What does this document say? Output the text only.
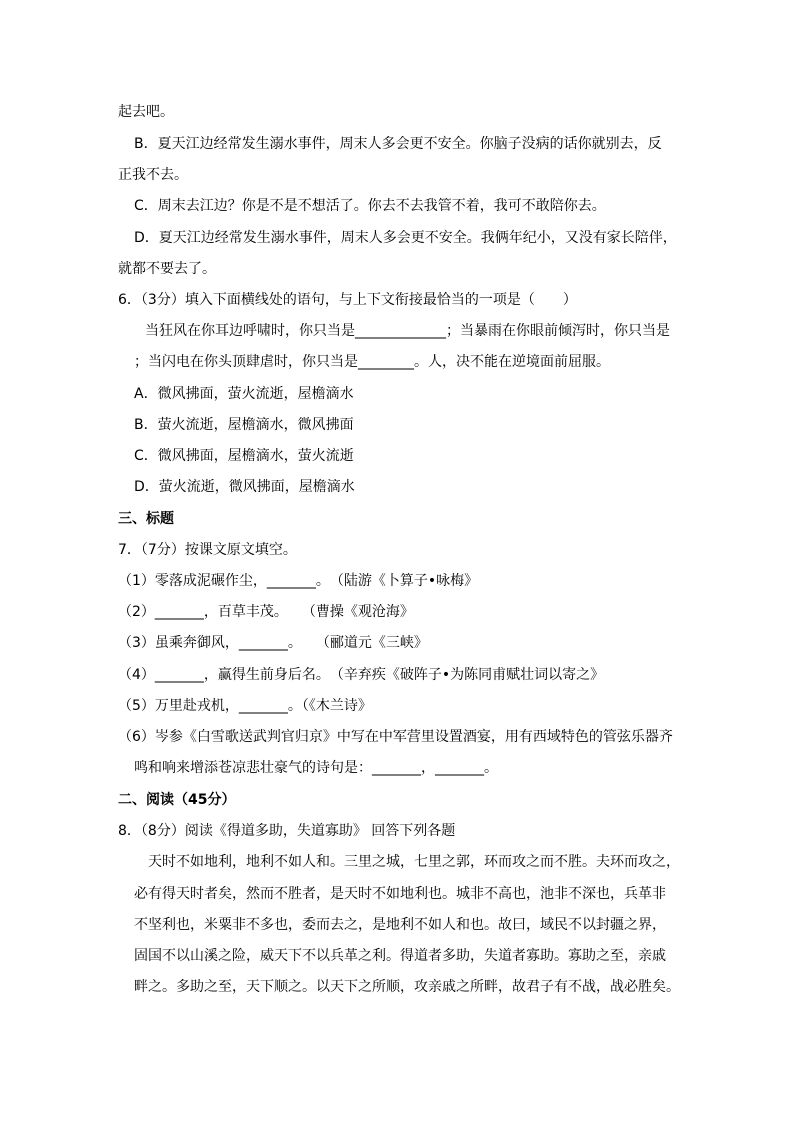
起去吧。
B．夏天江边经常发生溺水事件，周末人多会更不安全。你脑子没病的话你就别去，反
正我不去。
C．周末去江边？你是不是不想活了。你去不去我管不着，我可不敢陪你去。
D．夏天江边经常发生溺水事件，周末人多会更不安全。我俩年纪小，又没有家长陪伴，
就都不要去了。
6．（3分）填入下面横线处的语句，与上下文衔接最恰当的一项是（　　）
当狂风在你耳边呼啸时，你只当是_____________；当暴雨在你眼前倾泻时，你只当是
；当闪电在你头顶肆虐时，你只当是________。人，决不能在逆境面前屈服。
A．微风拂面，萤火流逝，屋檐滴水
B．萤火流逝，屋檐滴水，微风拂面
C．微风拂面，屋檐滴水，萤火流逝
D．萤火流逝，微风拂面，屋檐滴水
三、标题
7．（7分）按课文原文填空。
（1）零落成泥碾作尘，_______。　（陆游《卜算子•咏梅》
（2）_______，百草丰茂。　　（曹操《观沧海》
（3）虽乘奔御风，_______。　　（郦道元《三峡》
（4）_______，赢得生前身后名。　（辛弃疾《破阵子•为陈同甫赋壮词以寄之》
（5）万里赴戎机，_______。（《木兰诗》
（6）岑参《白雪歌送武判官归京》中写在中军营里设置酒宴，用有西域特色的管弦乐器齐
鸣和响来增添苍凉悲壮豪气的诗句是：_______，_______。
二、阅读（45分）
8．（8分）阅读《得道多助，失道寡助》 回答下列各题
天时不如地利，地利不如人和。三里之城，七里之郭，环而攻之而不胜。夫环而攻之，
必有得天时者矣，然而不胜者，是天时不如地利也。城非不高也，池非不深也，兵革非
不坚利也，米粟非不多也，委而去之，是地利不如人和也。故曰，域民不以封疆之界，
固国不以山溪之险，威天下不以兵革之利。得道者多助，失道者寡助。寡助之至，亲戚
畔之。多助之至，天下顺之。以天下之所顺，攻亲戚之所畔，故君子有不战，战必胜矣。
